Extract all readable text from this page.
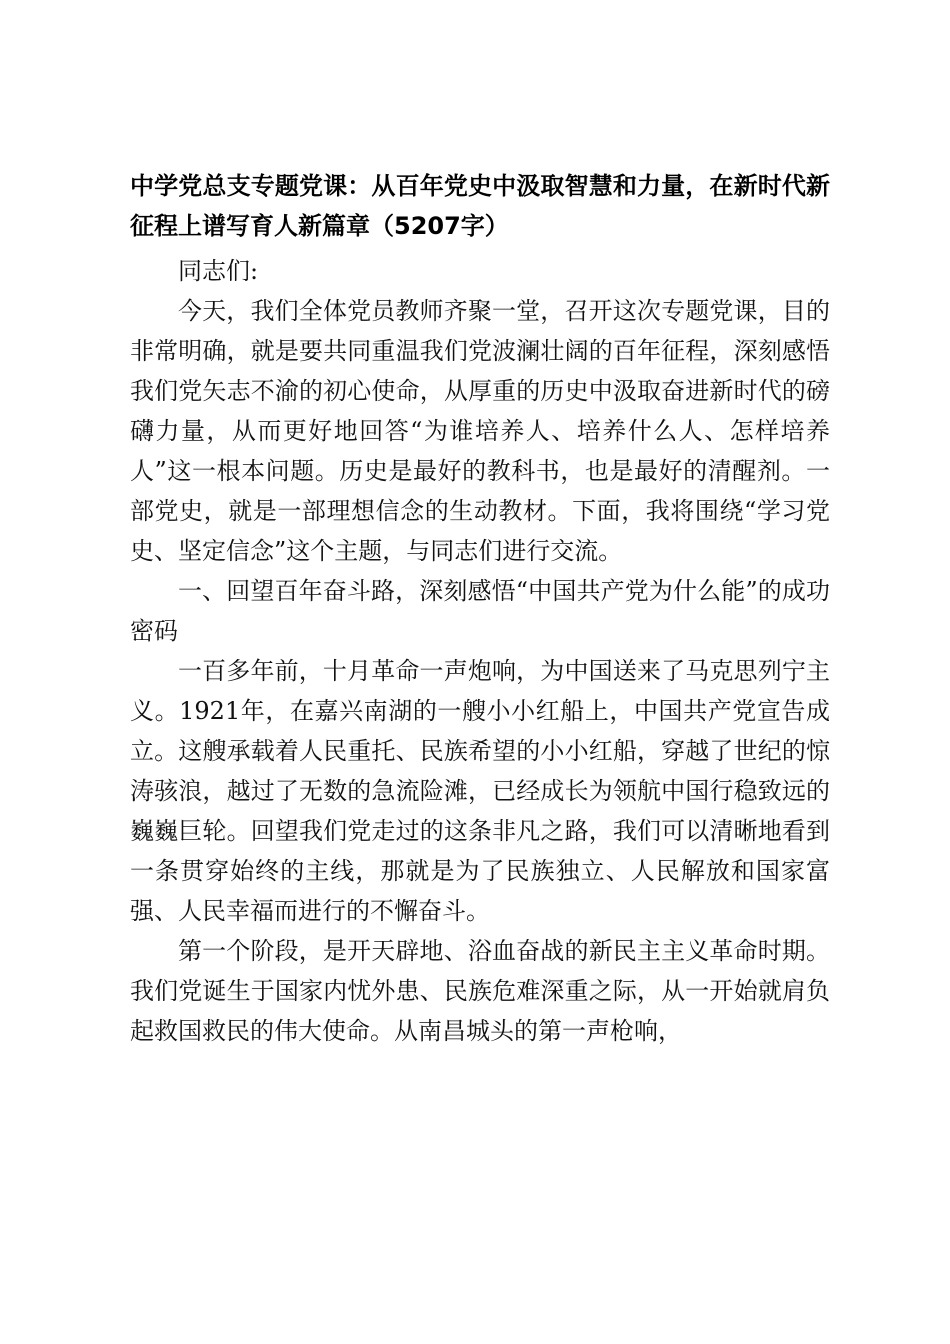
中学党总支专题党课：从百年党史中汲取智慧和力量，在新时代新征程上谱写育人新篇章（5207字）

同志们:

今天，我们全体党员教师齐聚一堂，召开这次专题党课，目的非常明确，就是要共同重温我们党波澜壮阔的百年征程，深刻感悟我们党矢志不渝的初心使命，从厚重的历史中汲取奋进新时代的磅礴力量，从而更好地回答“为谁培养人、培养什么人、怎样培养人”这一根本问题。历史是最好的教科书，也是最好的清醒剂。一部党史，就是一部理想信念的生动教材。下面，我将围绕“学习党史、坚定信念”这个主题，与同志们进行交流。

一、回望百年奋斗路，深刻感悟“中国共产党为什么能”的成功密码

一百多年前，十月革命一声炮响，为中国送来了马克思列宁主义。1921年，在嘉兴南湖的一艘小小红船上，中国共产党宣告成立。这艘承载着人民重托、民族希望的小小红船，穿越了世纪的惊涛骇浪，越过了无数的急流险滩，已经成长为领航中国行稳致远的巍巍巨轮。回望我们党走过的这条非凡之路，我们可以清晰地看到一条贯穿始终的主线，那就是为了民族独立、人民解放和国家富强、人民幸福而进行的不懈奋斗。

第一个阶段，是开天辟地、浴血奋战的新民主主义革命时期。我们党诞生于国家内忧外患、民族危难深重之际，从一开始就肩负起救国救民的伟大使命。从南昌城头的第一声枪响，
